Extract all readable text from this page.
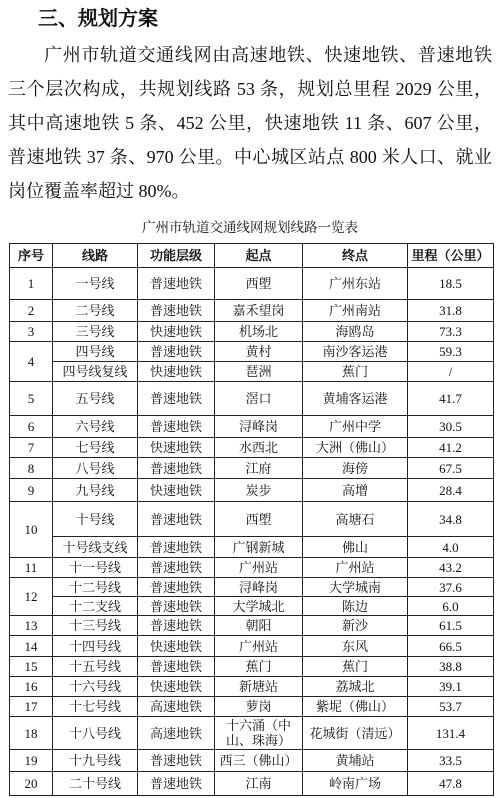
三、规划方案
广州市轨道交通线网由高速地铁、快速地铁、普速地铁
三个层次构成，共规划线路 53 条，规划总里程 2029 公里，
其中高速地铁 5 条、452 公里，快速地铁 11 条、607 公里，
普速地铁 37 条、970 公里。中心城区站点 800 米人口、就业
岗位覆盖率超过 80%。
广州市轨道交通线网规划线路一览表
序号	线路	功能层级	起点	终点	里程（公里）
1	一号线	普速地铁	西塱	广州东站	18.5
2	二号线	普速地铁	嘉禾望岗	广州南站	31.8
3	三号线	快速地铁	机场北	海鸥岛	73.3
4	四号线	普速地铁	黄村	南沙客运港	59.3
	四号线复线	快速地铁	琶洲	蕉门	/
5	五号线	普速地铁	滘口	黄埔客运港	41.7
6	六号线	普速地铁	浔峰岗	广州中学	30.5
7	七号线	快速地铁	水西北	大洲（佛山）	41.2
8	八号线	普速地铁	江府	海傍	67.5
9	九号线	快速地铁	炭步	高增	28.4
10	十号线	普速地铁	西塱	高塘石	34.8
	十号线支线	普速地铁	广钢新城	佛山	4.0
11	十一号线	普速地铁	广州站	广州站	43.2
12	十二号线	普速地铁	浔峰岗	大学城南	37.6
	十二支线	普速地铁	大学城北	陈边	6.0
13	十三号线	普速地铁	朝阳	新沙	61.5
14	十四号线	快速地铁	广州站	东风	66.5
15	十五号线	普速地铁	蕉门	蕉门	38.8
16	十六号线	快速地铁	新塘站	荔城北	39.1
17	十七号线	高速地铁	萝岗	紫坭（佛山）	53.7
18	十八号线	高速地铁	十六涌（中山、珠海）	花城街（清远）	131.4
19	十九号线	普速地铁	西三（佛山）	黄埔站	33.5
20	二十号线	普速地铁	江南	岭南广场	47.8
